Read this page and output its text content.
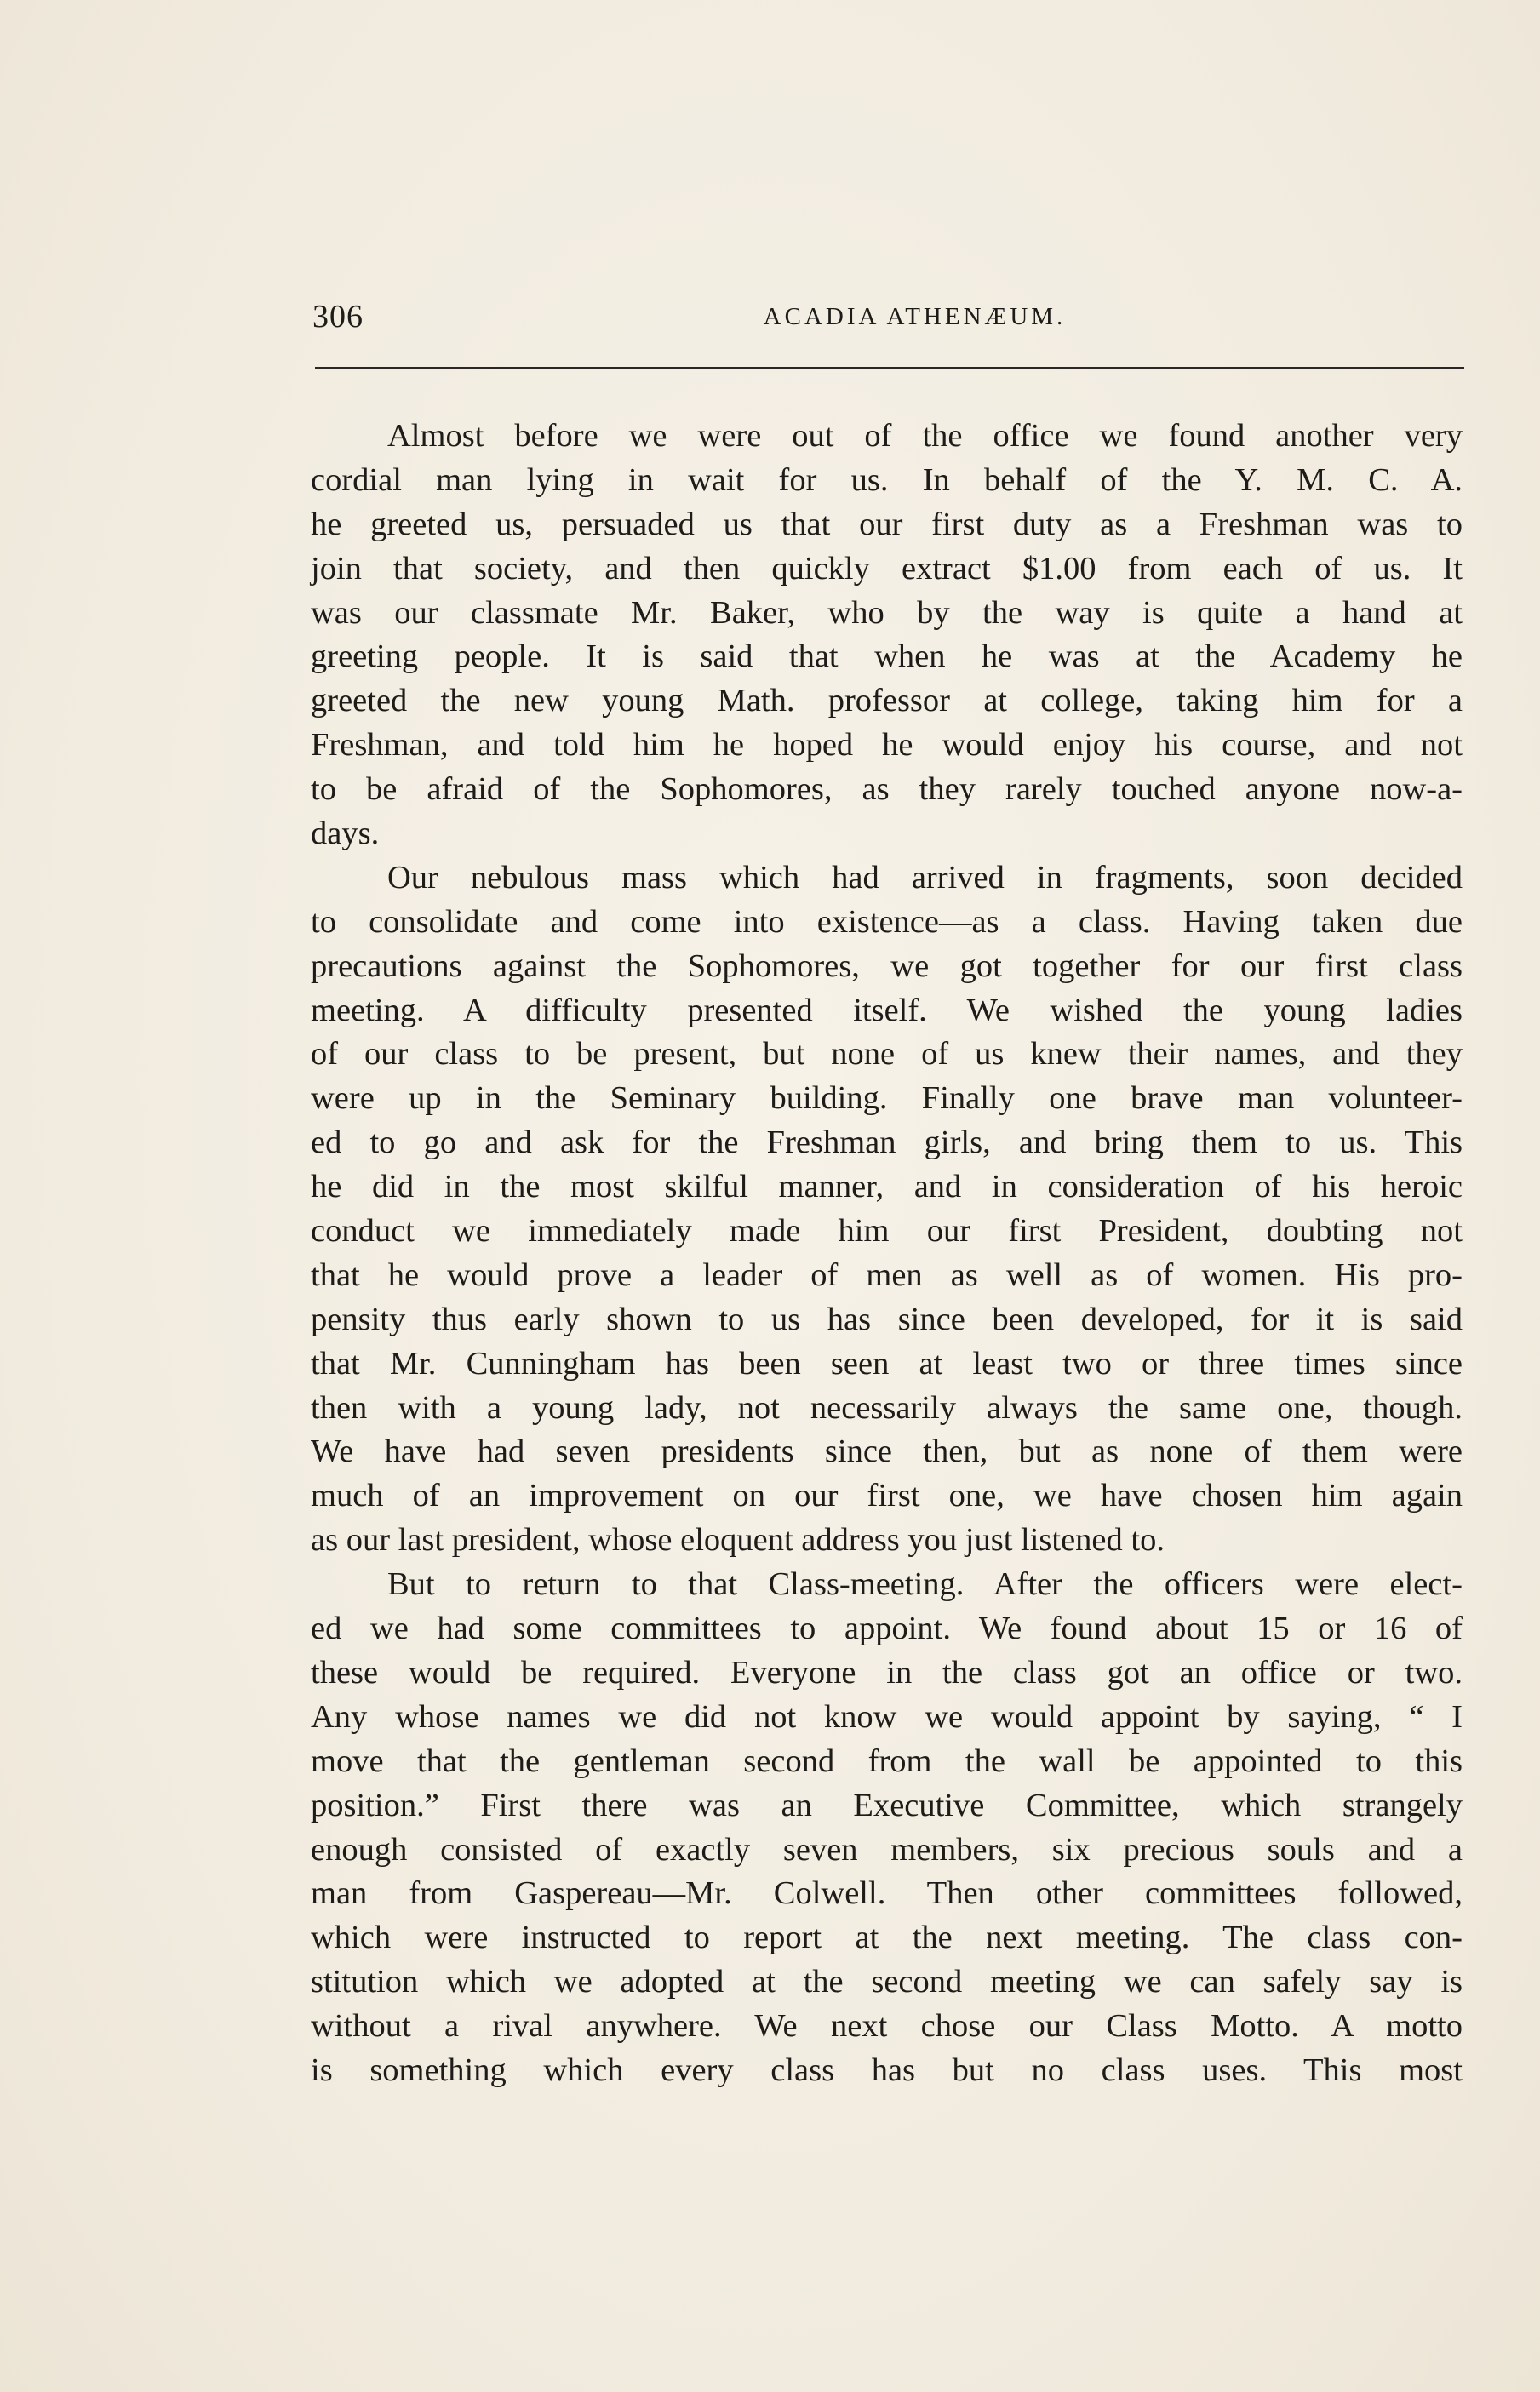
306	ACADIA ATHENÆUM.
Almost before we were out of the office we found another very
cordial man lying in wait for us. In behalf of the Y. M. C. A.
he greeted us, persuaded us that our first duty as a Freshman was to
join that society, and then quickly extract $1.00 from each of us. It
was our classmate Mr. Baker, who by the way is quite a hand at
greeting people. It is said that when he was at the Academy he
greeted the new young Math. professor at college, taking him for a
Freshman, and told him he hoped he would enjoy his course, and not
to be afraid of the Sophomores, as they rarely touched anyone now-a-
days.
Our nebulous mass which had arrived in fragments, soon decided
to consolidate and come into existence—as a class. Having taken due
precautions against the Sophomores, we got together for our first class
meeting. A difficulty presented itself. We wished the young ladies
of our class to be present, but none of us knew their names, and they
were up in the Seminary building. Finally one brave man volunteer-
ed to go and ask for the Freshman girls, and bring them to us. This
he did in the most skilful manner, and in consideration of his heroic
conduct we immediately made him our first President, doubting not
that he would prove a leader of men as well as of women. His pro-
pensity thus early shown to us has since been developed, for it is said
that Mr. Cunningham has been seen at least two or three times since
then with a young lady, not necessarily always the same one, though.
We have had seven presidents since then, but as none of them were
much of an improvement on our first one, we have chosen him again
as our last president, whose eloquent address you just listened to.
But to return to that Class-meeting. After the officers were elect-
ed we had some committees to appoint. We found about 15 or 16 of
these would be required. Everyone in the class got an office or two.
Any whose names we did not know we would appoint by saying, “ I
move that the gentleman second from the wall be appointed to this
position.” First there was an Executive Committee, which strangely
enough consisted of exactly seven members, six precious souls and a
man from Gaspereau—Mr. Colwell. Then other committees followed,
which were instructed to report at the next meeting. The class con-
stitution which we adopted at the second meeting we can safely say is
without a rival anywhere. We next chose our Class Motto. A motto
is something which every class has but no class uses. This most
